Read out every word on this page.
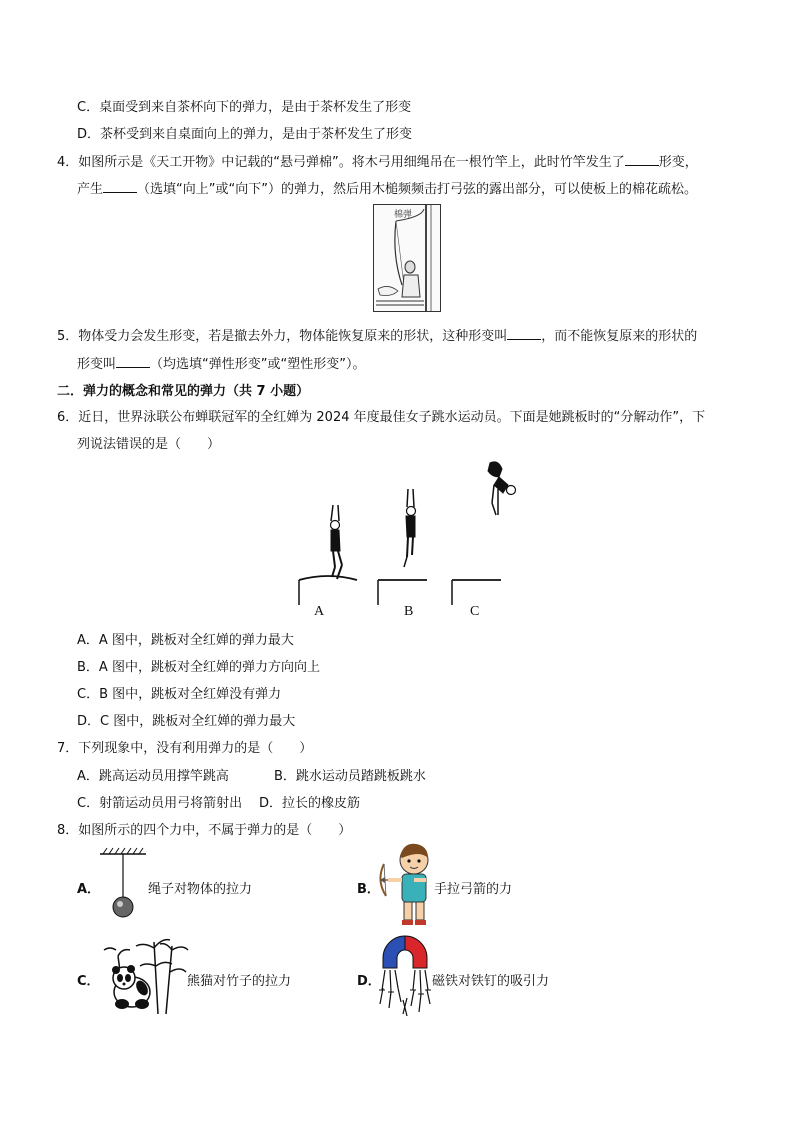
C．桌面受到来自茶杯向下的弹力，是由于茶杯发生了形变
D．茶杯受到来自桌面向上的弹力，是由于茶杯发生了形变
4．如图所示是《天工开物》中记载的“悬弓弹棉”。将木弓用细绳吊在一根竹竿上，此时竹竿发生了	形变，
产生	（选填“向上”或“向下”）的弹力，然后用木槌频频击打弓弦的露出部分，可以使板上的棉花疏松。
棉弹
5．物体受力会发生形变，若是撤去外力，物体能恢复原来的形状，这种形变叫	，而不能恢复原来的形状的
形变叫	（均选填“弹性形变”或“塑性形变”）。
二．弹力的概念和常见的弹力（共 7 小题）
6．近日，世界泳联公布蝉联冠军的全红婵为 2024 年度最佳女子跳水运动员。下面是她跳板时的“分解动作”，下
列说法错误的是（　　）
A	B	C
A．A 图中，跳板对全红婵的弹力最大
B．A 图中，跳板对全红婵的弹力方向向上
C．B 图中，跳板对全红婵没有弹力
D．C 图中，跳板对全红婵的弹力最大
7．下列现象中，没有利用弹力的是（　　）
A．跳高运动员用撑竿跳高	B．跳水运动员踏跳板跳水
C．射箭运动员用弓将箭射出 D．拉长的橡皮筋
8．如图所示的四个力中，不属于弹力的是（　　）
A．	绳子对物体的拉力	B．	手拉弓箭的力
C．	熊猫对竹子的拉力	D．	磁铁对铁钉的吸引力
